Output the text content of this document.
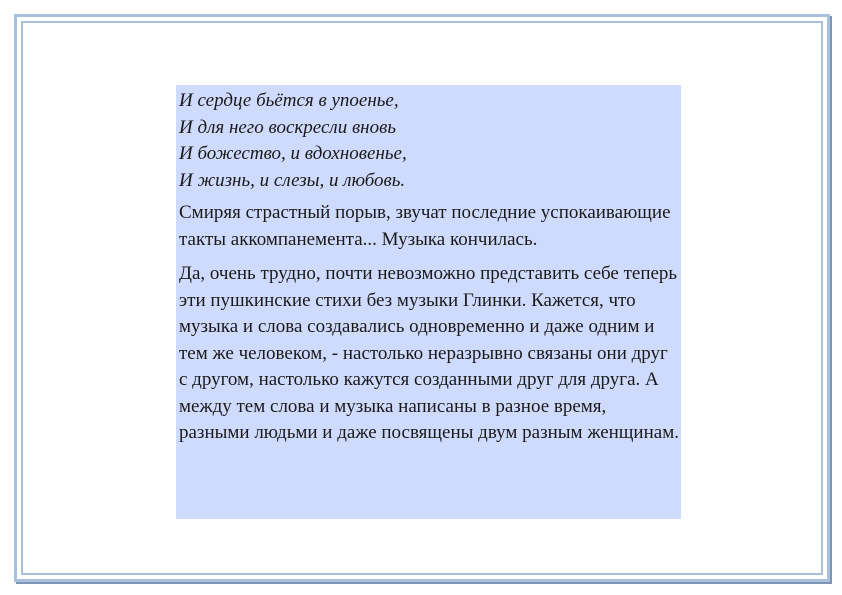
И сердце бьётся в упоенье,
И для него воскресли вновь
И божество, и вдохновенье,
И жизнь, и слезы, и любовь.

Смиряя страстный порыв, звучат последние успокаивающие такты аккомпанемента... Музыка кончилась.

Да, очень трудно, почти невозможно представить себе теперь эти пушкинские стихи без музыки Глинки. Кажется, что музыка и слова создавались одновременно и даже одним и тем же человеком, - настолько неразрывно связаны они друг с другом, настолько кажутся созданными друг для друга. А между тем слова и музыка написаны в разное время, разными людьми и даже посвящены двум разным женщинам.
